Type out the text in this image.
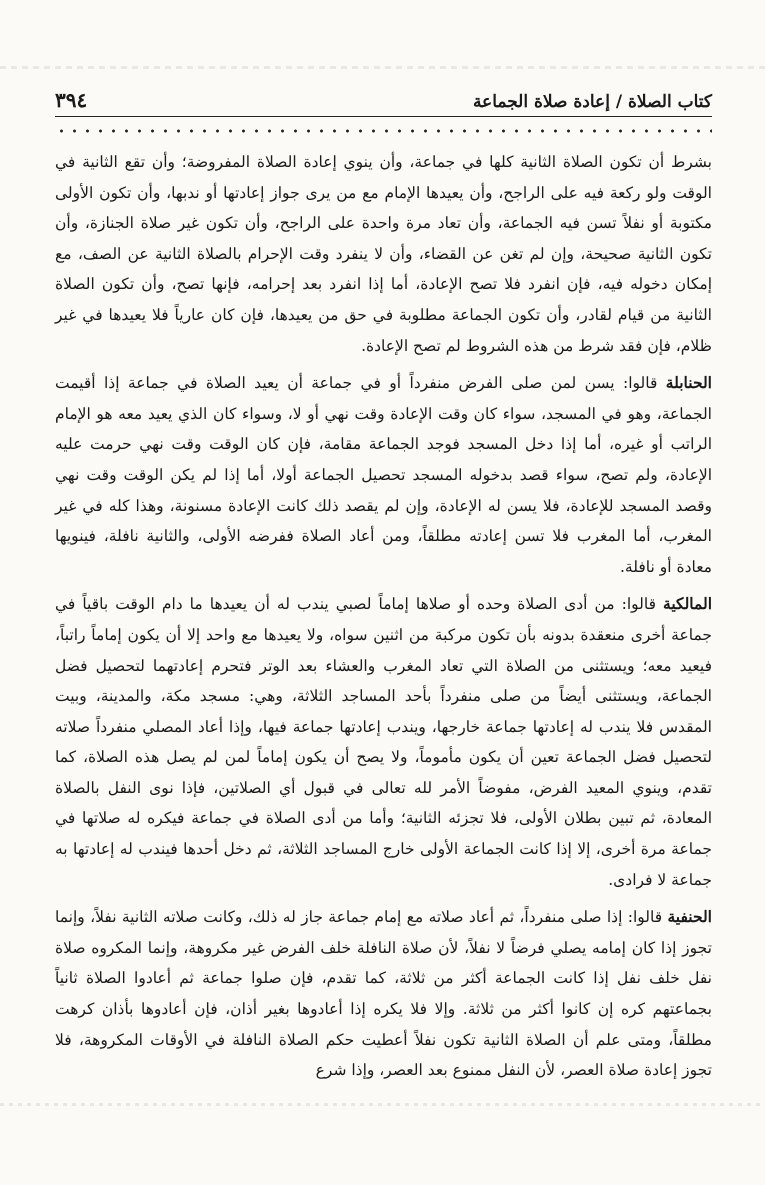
كتاب الصلاة / إعادة صلاة الجماعة
٣٩٤

بشرط أن تكون الصلاة الثانية كلها في جماعة، وأن ينوي إعادة الصلاة المفروضة؛ وأن تقع الثانية في الوقت ولو ركعة فيه على الراجح، وأن يعيدها الإمام مع من يرى جواز إعادتها أو ندبها، وأن تكون الأولى مكتوبة أو نفلاً تسن فيه الجماعة، وأن تعاد مرة واحدة على الراجح، وأن تكون غير صلاة الجنازة، وأن تكون الثانية صحيحة، وإن لم تغن عن القضاء، وأن لا ينفرد وقت الإحرام بالصلاة الثانية عن الصف، مع إمكان دخوله فيه، فإن انفرد فلا تصح الإعادة، أما إذا انفرد بعد إحرامه، فإنها تصح، وأن تكون الصلاة الثانية من قيام لقادر، وأن تكون الجماعة مطلوبة في حق من يعيدها، فإن كان عارياً فلا يعيدها في غير ظلام، فإن فقد شرط من هذه الشروط لم تصح الإعادة.

الحنابلة قالوا: يسن لمن صلى الفرض منفرداً أو في جماعة أن يعيد الصلاة في جماعة إذا أقيمت الجماعة، وهو في المسجد، سواء كان وقت الإعادة وقت نهي أو لا، وسواء كان الذي يعيد معه هو الإمام الراتب أو غيره، أما إذا دخل المسجد فوجد الجماعة مقامة، فإن كان الوقت وقت نهي حرمت عليه الإعادة، ولم تصح، سواء قصد بدخوله المسجد تحصيل الجماعة أولا، أما إذا لم يكن الوقت وقت نهي وقصد المسجد للإعادة، فلا يسن له الإعادة، وإن لم يقصد ذلك كانت الإعادة مسنونة، وهذا كله في غير المغرب، أما المغرب فلا تسن إعادته مطلقاً، ومن أعاد الصلاة ففرضه الأولى، والثانية نافلة، فينويها معادة أو نافلة.

المالكية قالوا: من أدى الصلاة وحده أو صلاها إماماً لصبي يندب له أن يعيدها ما دام الوقت باقياً في جماعة أخرى منعقدة بدونه بأن تكون مركبة من اثنين سواه، ولا يعيدها مع واحد إلا أن يكون إماماً راتباً، فيعيد معه؛ ويستثنى من الصلاة التي تعاد المغرب والعشاء بعد الوتر فتحرم إعادتهما لتحصيل فضل الجماعة، ويستثنى أيضاً من صلى منفرداً بأحد المساجد الثلاثة، وهي: مسجد مكة، والمدينة، وبيت المقدس فلا يندب له إعادتها جماعة خارجها، ويندب إعادتها جماعة فيها، وإذا أعاد المصلي منفرداً صلاته لتحصيل فضل الجماعة تعين أن يكون مأموماً، ولا يصح أن يكون إماماً لمن لم يصل هذه الصلاة، كما تقدم، وينوي المعيد الفرض، مفوضاً الأمر لله تعالى في قبول أي الصلاتين، فإذا نوى النفل بالصلاة المعادة، ثم تبين بطلان الأولى، فلا تجزئه الثانية؛ وأما من أدى الصلاة في جماعة فيكره له صلاتها في جماعة مرة أخرى، إلا إذا كانت الجماعة الأولى خارج المساجد الثلاثة، ثم دخل أحدها فيندب له إعادتها به جماعة لا فرادى.

الحنفية قالوا: إذا صلى منفرداً، ثم أعاد صلاته مع إمام جماعة جاز له ذلك، وكانت صلاته الثانية نفلاً، وإنما تجوز إذا كان إمامه يصلي فرضاً لا نفلاً، لأن صلاة النافلة خلف الفرض غير مكروهة، وإنما المكروه صلاة نفل خلف نفل إذا كانت الجماعة أكثر من ثلاثة، كما تقدم، فإن صلوا جماعة ثم أعادوا الصلاة ثانياً بجماعتهم كره إن كانوا أكثر من ثلاثة. وإلا فلا يكره إذا أعادوها بغير أذان، فإن أعادوها بأذان كرهت مطلقاً، ومتى علم أن الصلاة الثانية تكون نفلاً أعطيت حكم الصلاة النافلة في الأوقات المكروهة، فلا تجوز إعادة صلاة العصر، لأن النفل ممنوع بعد العصر، وإذا شرع
